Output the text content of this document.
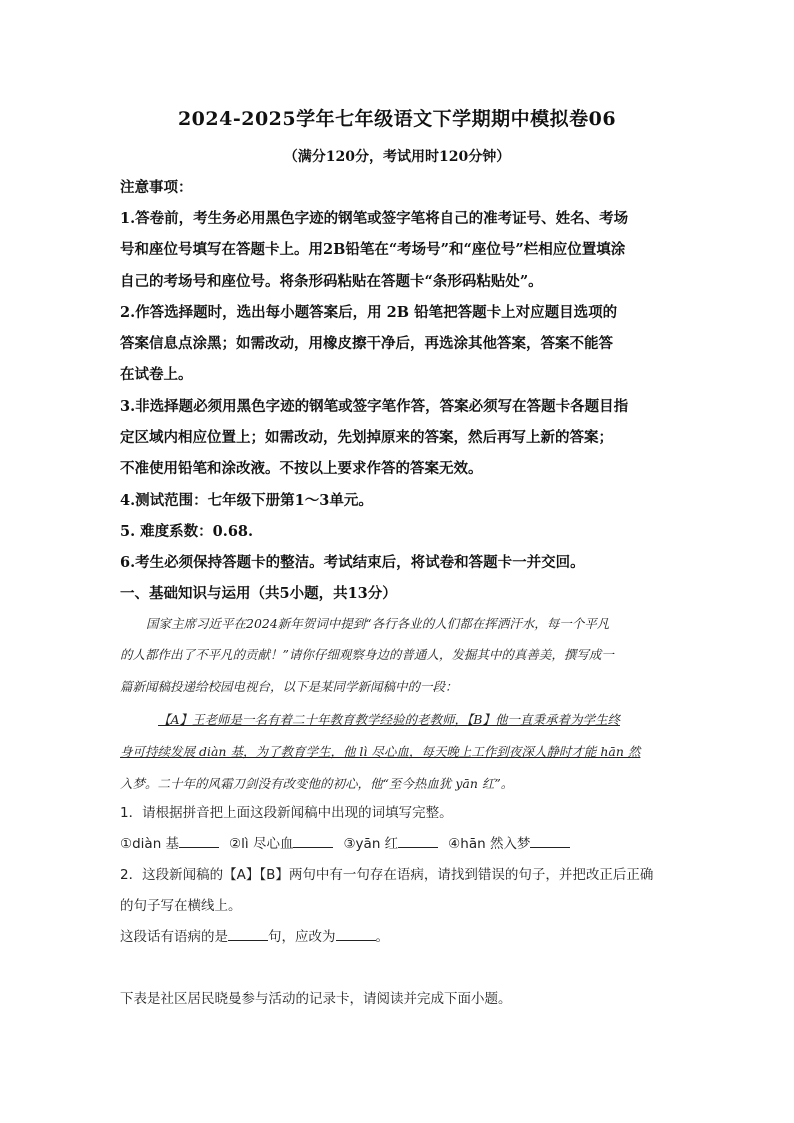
2024-2025学年七年级语文下学期期中模拟卷06
（满分120分，考试用时120分钟）
注意事项：
1.答卷前，考生务必用黑色字迹的钢笔或签字笔将自己的准考证号、姓名、考场
号和座位号填写在答题卡上。用2B铅笔在“考场号”和“座位号”栏相应位置填涂
自己的考场号和座位号。将条形码粘贴在答题卡“条形码粘贴处”。
2.作答选择题时，选出每小题答案后，用 2B 铅笔把答题卡上对应题目选项的
答案信息点涂黑；如需改动，用橡皮擦干净后，再选涂其他答案，答案不能答
在试卷上。
3.非选择题必须用黑色字迹的钢笔或签字笔作答，答案必须写在答题卡各题目指
定区域内相应位置上；如需改动，先划掉原来的答案，然后再写上新的答案；
不准使用铅笔和涂改液。不按以上要求作答的答案无效。
4.测试范围：七年级下册第1～3单元。
5. 难度系数：0.68.
6.考生必须保持答题卡的整洁。考试结束后，将试卷和答题卡一并交回。
一、基础知识与运用（共5小题，共13分）
国家主席习近平在2024新年贺词中提到“各行各业的人们都在挥洒汗水，每一个平凡
的人都作出了不平凡的贡献！”请你仔细观察身边的普通人，发掘其中的真善美，撰写成一
篇新闻稿投递给校园电视台，以下是某同学新闻稿中的一段：
【A】王老师是一名有着二十年教育教学经验的老教师，【B】他一直秉承着为学生终
身可持续发展 diàn 基，为了教育学生，他 lì 尽心血，每天晚上工作到夜深人静时才能 hān 然
入梦。二十年的风霜刀剑没有改变他的初心，他“至今热血犹 yān 红”。
1．请根据拼音把上面这段新闻稿中出现的词填写完整。
①diàn 基	②lì 尽心血	③yān 红	④hān 然入梦
2．这段新闻稿的【A】【B】两句中有一句存在语病，请找到错误的句子，并把改正后正确
的句子写在横线上。
这段话有语病的是	句，应改为	。
下表是社区居民晓曼参与活动的记录卡，请阅读并完成下面小题。
